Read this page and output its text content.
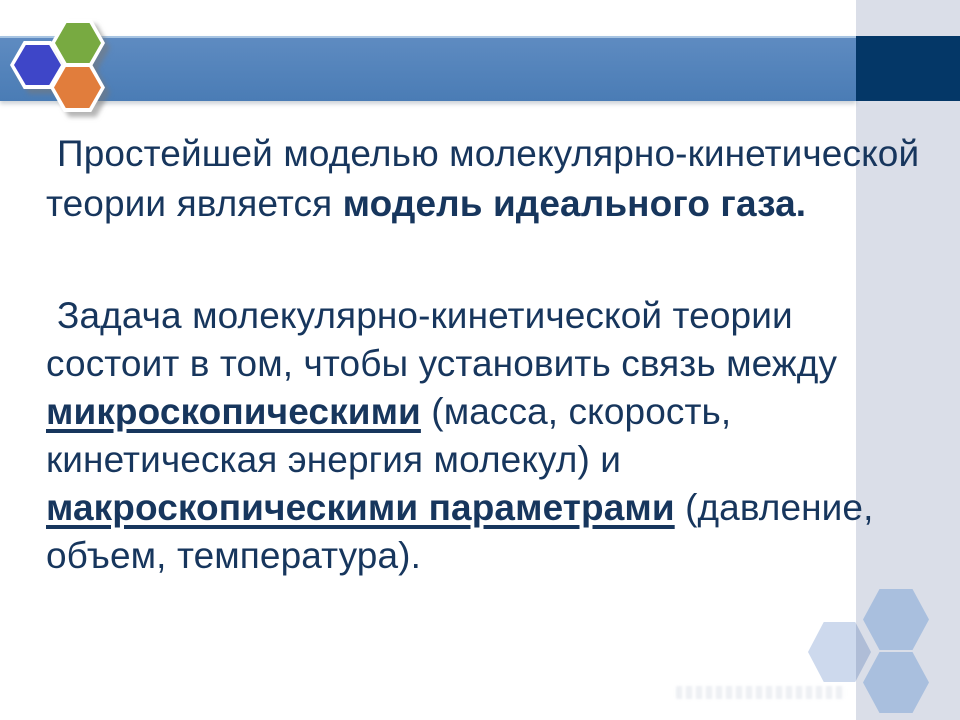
Простейшей моделью молекулярно-кинетической
теории является модель идеального газа.
Задача молекулярно-кинетической теории
состоит в том, чтобы установить связь между
микроскопическими (масса, скорость,
кинетическая энергия молекул) и
макроскопическими параметрами (давление,
объем, температура).
